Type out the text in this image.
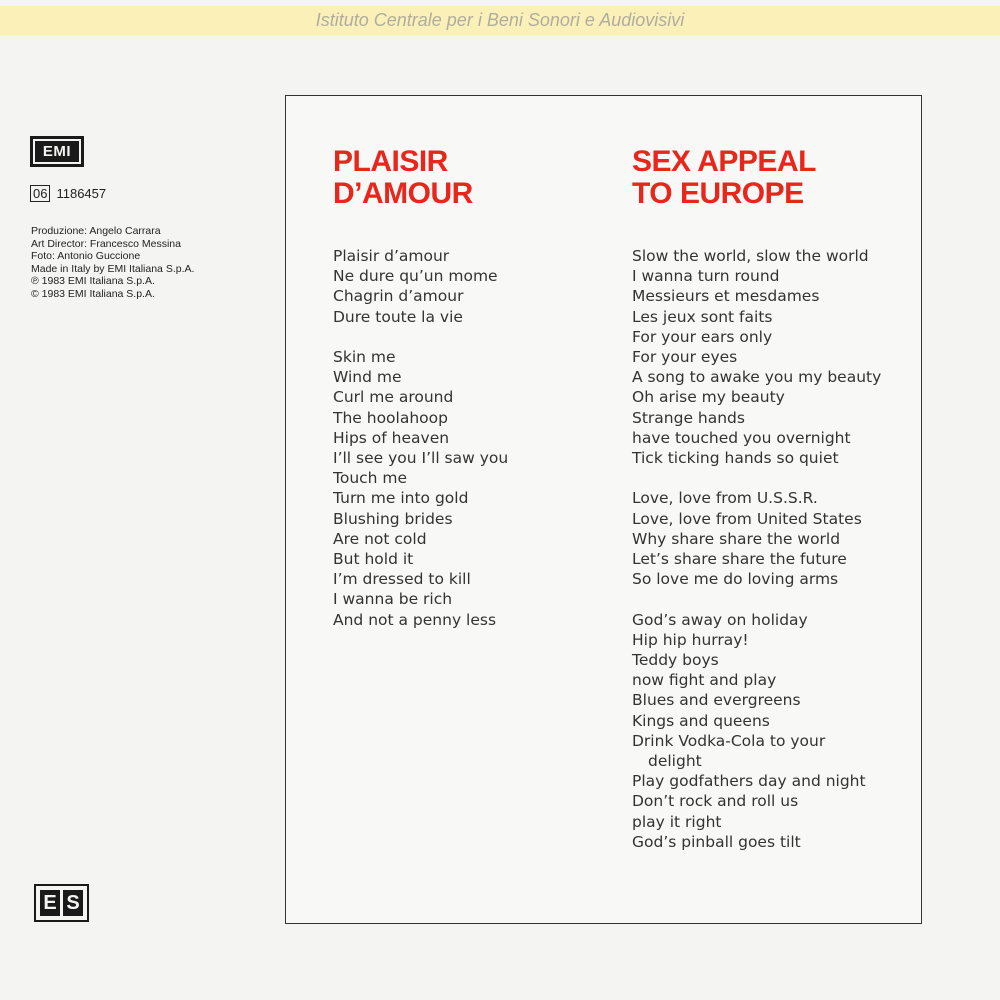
Istituto Centrale per i Beni Sonori e Audiovisivi
EMI
06 1186457
Produzione: Angelo Carrara
Art Director: Francesco Messina
Foto: Antonio Guccione
Made in Italy by EMI Italiana S.p.A.
℗ 1983 EMI Italiana S.p.A.
© 1983 EMI Italiana S.p.A.
E S
PLAISIR
D’AMOUR
Plaisir d’amour
Ne dure qu’un mome
Chagrin d’amour
Dure toute la vie
Skin me
Wind me
Curl me around
The hoolahoop
Hips of heaven
I’ll see you I’ll saw you
Touch me
Turn me into gold
Blushing brides
Are not cold
But hold it
I’m dressed to kill
I wanna be rich
And not a penny less
SEX APPEAL
TO EUROPE
Slow the world, slow the world
I wanna turn round
Messieurs et mesdames
Les jeux sont faits
For your ears only
For your eyes
A song to awake you my beauty
Oh arise my beauty
Strange hands
have touched you overnight
Tick ticking hands so quiet
Love, love from U.S.S.R.
Love, love from United States
Why share share the world
Let’s share share the future
So love me do loving arms
God’s away on holiday
Hip hip hurray!
Teddy boys
now fight and play
Blues and evergreens
Kings and queens
Drink Vodka-Cola to your
delight
Play godfathers day and night
Don’t rock and roll us
play it right
God’s pinball goes tilt
